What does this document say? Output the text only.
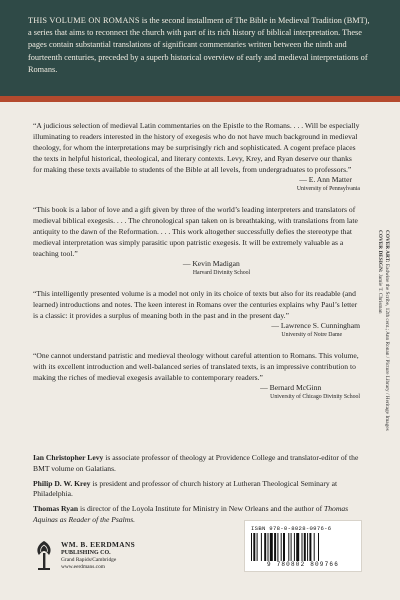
THIS VOLUME ON ROMANS is the second installment of The Bible in Medieval Tradition (BMT), a series that aims to reconnect the church with part of its rich history of biblical interpretation. These pages contain substantial translations of significant commentaries written between the ninth and fourteenth centuries, preceded by a superb historical overview of early and medieval interpretations of Romans.

“A judicious selection of medieval Latin commentaries on the Epistle to the Romans. . . . Will be especially illuminating to readers interested in the history of exegesis who do not have much background in medieval theology, for whom the interpretations may be surprisingly rich and sophisticated. A cogent preface places the texts in helpful historical, theological, and literary contexts. Levy, Krey, and Ryan deserve our thanks for making these texts available to students of the Bible at all levels, from undergraduates to professors.”

— E. Ann Matter
University of Pennsylvania

“This book is a labor of love and a gift given by three of the world’s leading interpreters and translators of medieval biblical exegesis. . . . The chronological span taken on is breathtaking, with translations from late antiquity to the dawn of the Reformation. . . . This work altogether successfully defies the stereotype that medieval interpretation was simply parasitic upon patristic exegesis. It will be extremely valuable as a teaching tool.”

— Kevin Madigan
Harvard Divinity School

“This intelligently presented volume is a model not only in its choice of texts but also for its readable (and learned) introductions and notes. The keen interest in Romans over the centuries explains why Paul’s letter is a classic: it provides a surplus of meaning both in the past and in the present day.”

— Lawrence S. Cunningham
University of Notre Dame

“One cannot understand patristic and medieval theology without careful attention to Romans. This volume, with its excellent introduction and well-balanced series of translated texts, is an impressive contribution to making the riches of medieval exegesis available to contemporary readers.”

— Bernard McGinn
University of Chicago Divinity School

Ian Christopher Levy is associate professor of theology at Providence College and translator-editor of the BMT volume on Galatians.

Philip D. W. Krey is president and professor of church history at Lutheran Theological Seminary at Philadelphia.

Thomas Ryan is director of the Loyola Institute for Ministry in New Orleans and the author of Thomas Aquinas as Reader of the Psalms.

WM. B. EERDMANS
PUBLISHING CO.
Grand Rapids/Cambridge
www.eerdmans.com
ISBN 978-0-8028-0976-6
9 780802 809766
COVER ART: Eadwine the Scribe, 12th cent.; Ann Ronan / Picture Library / Heritage Images
COVER DESIGN: Jamie T. Chrisman
